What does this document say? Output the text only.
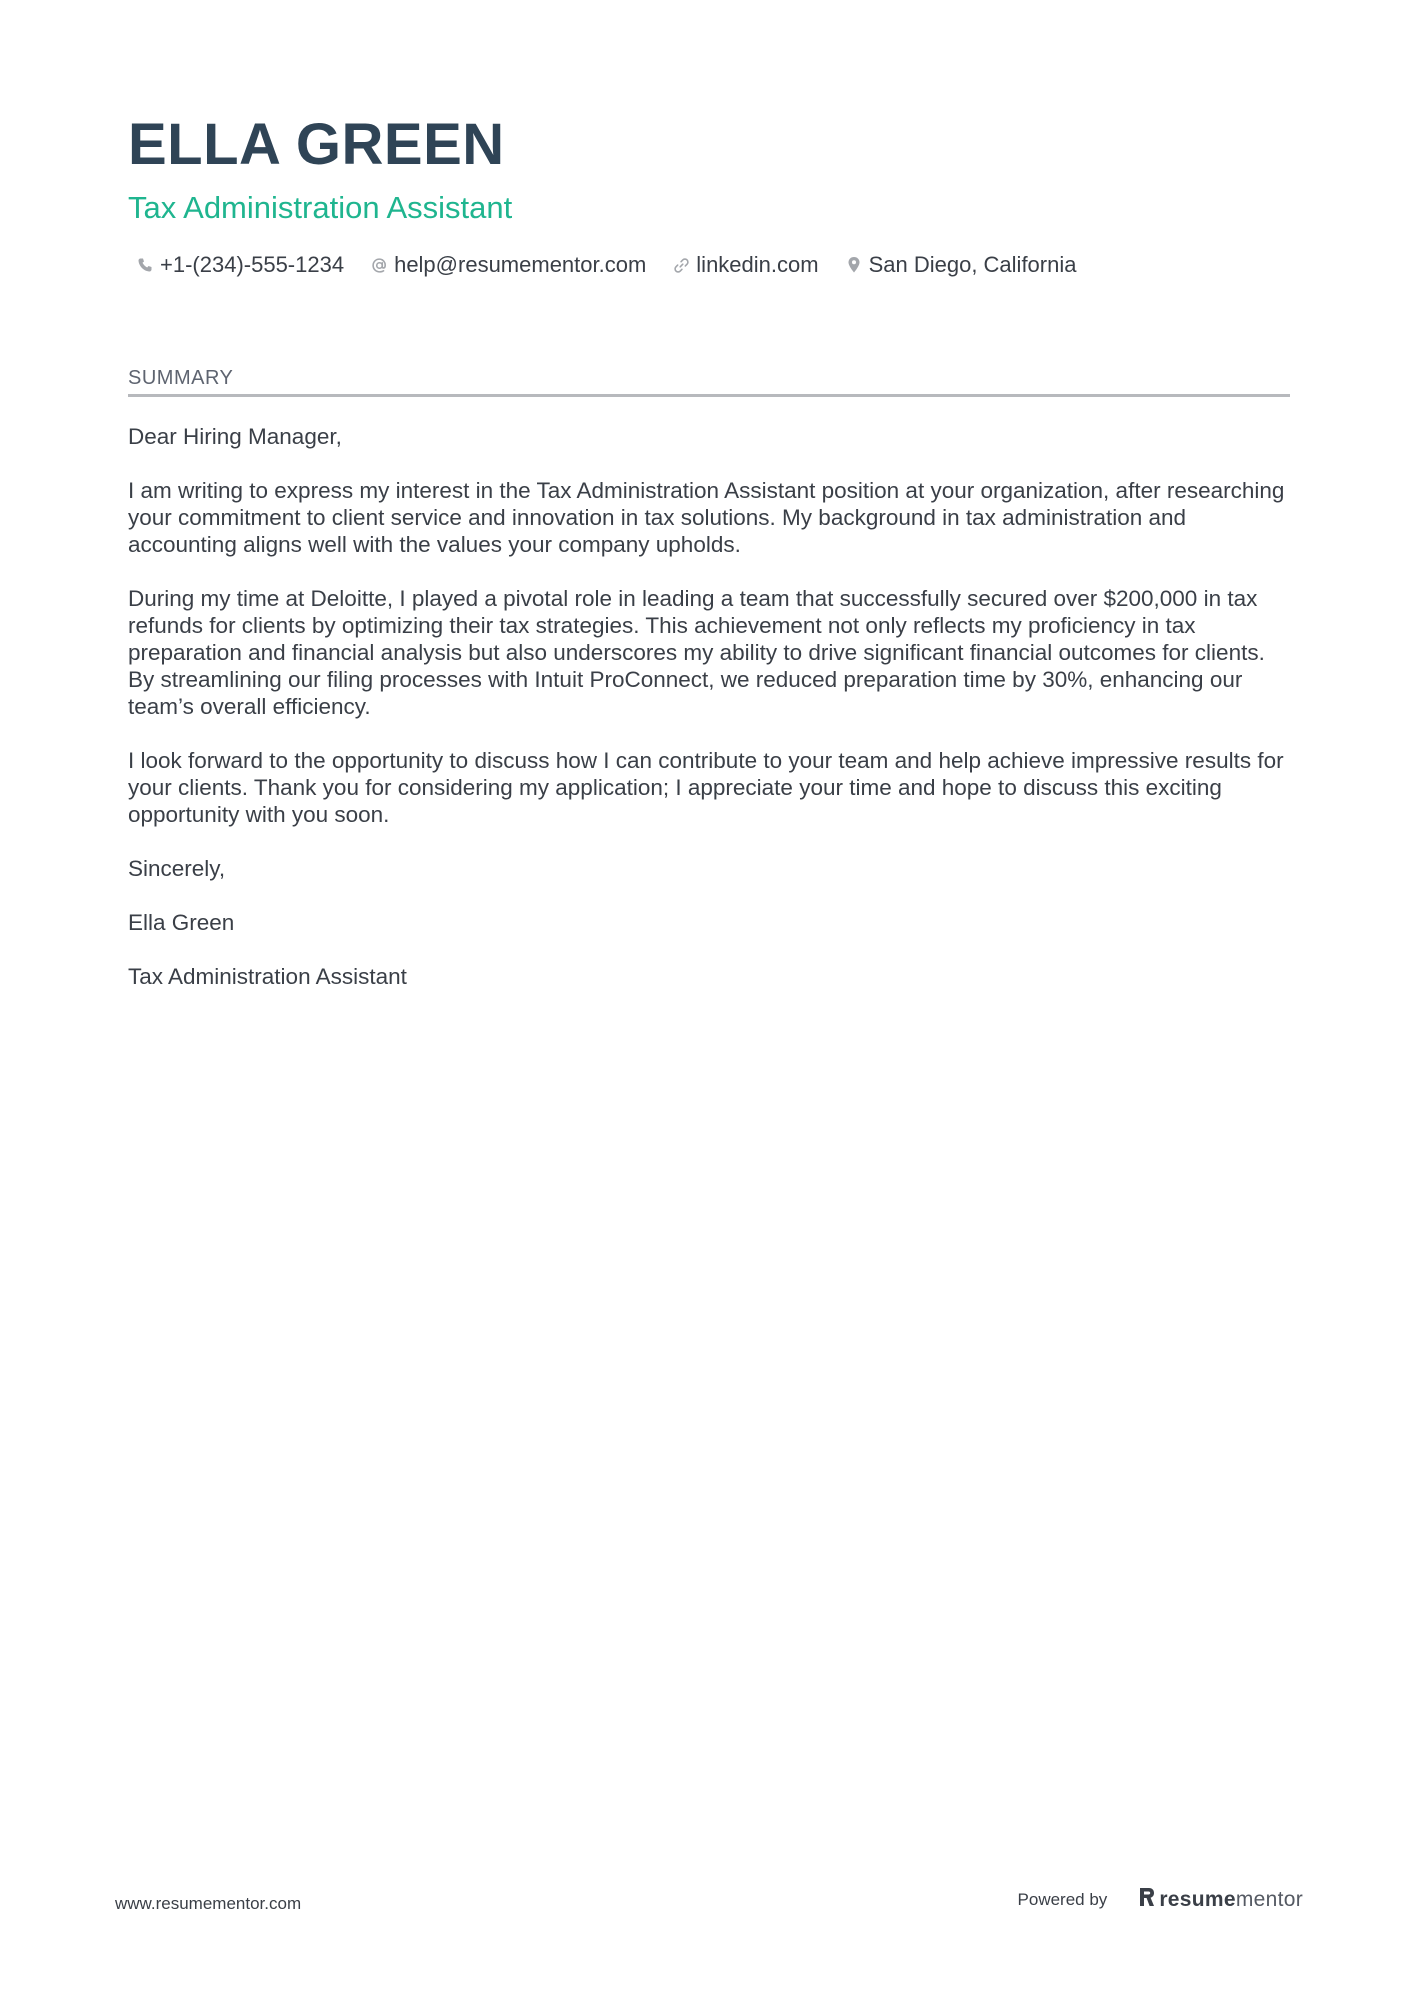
ELLA GREEN
Tax Administration Assistant
+1-(234)-555-1234 help@resumementor.com linkedin.com San Diego, California
SUMMARY

Dear Hiring Manager,

I am writing to express my interest in the Tax Administration Assistant position at your organization, after researching your commitment to client service and innovation in tax solutions. My background in tax administration and accounting aligns well with the values your company upholds.

During my time at Deloitte, I played a pivotal role in leading a team that successfully secured over $200,000 in tax refunds for clients by optimizing their tax strategies. This achievement not only reflects my proficiency in tax preparation and financial analysis but also underscores my ability to drive significant financial outcomes for clients. By streamlining our filing processes with Intuit ProConnect, we reduced preparation time by 30%, enhancing our team’s overall efficiency.

I look forward to the opportunity to discuss how I can contribute to your team and help achieve impressive results for your clients. Thank you for considering my application; I appreciate your time and hope to discuss this exciting opportunity with you soon.

Sincerely,

Ella Green

Tax Administration Assistant

www.resumementor.com	Powered by resume mentor
